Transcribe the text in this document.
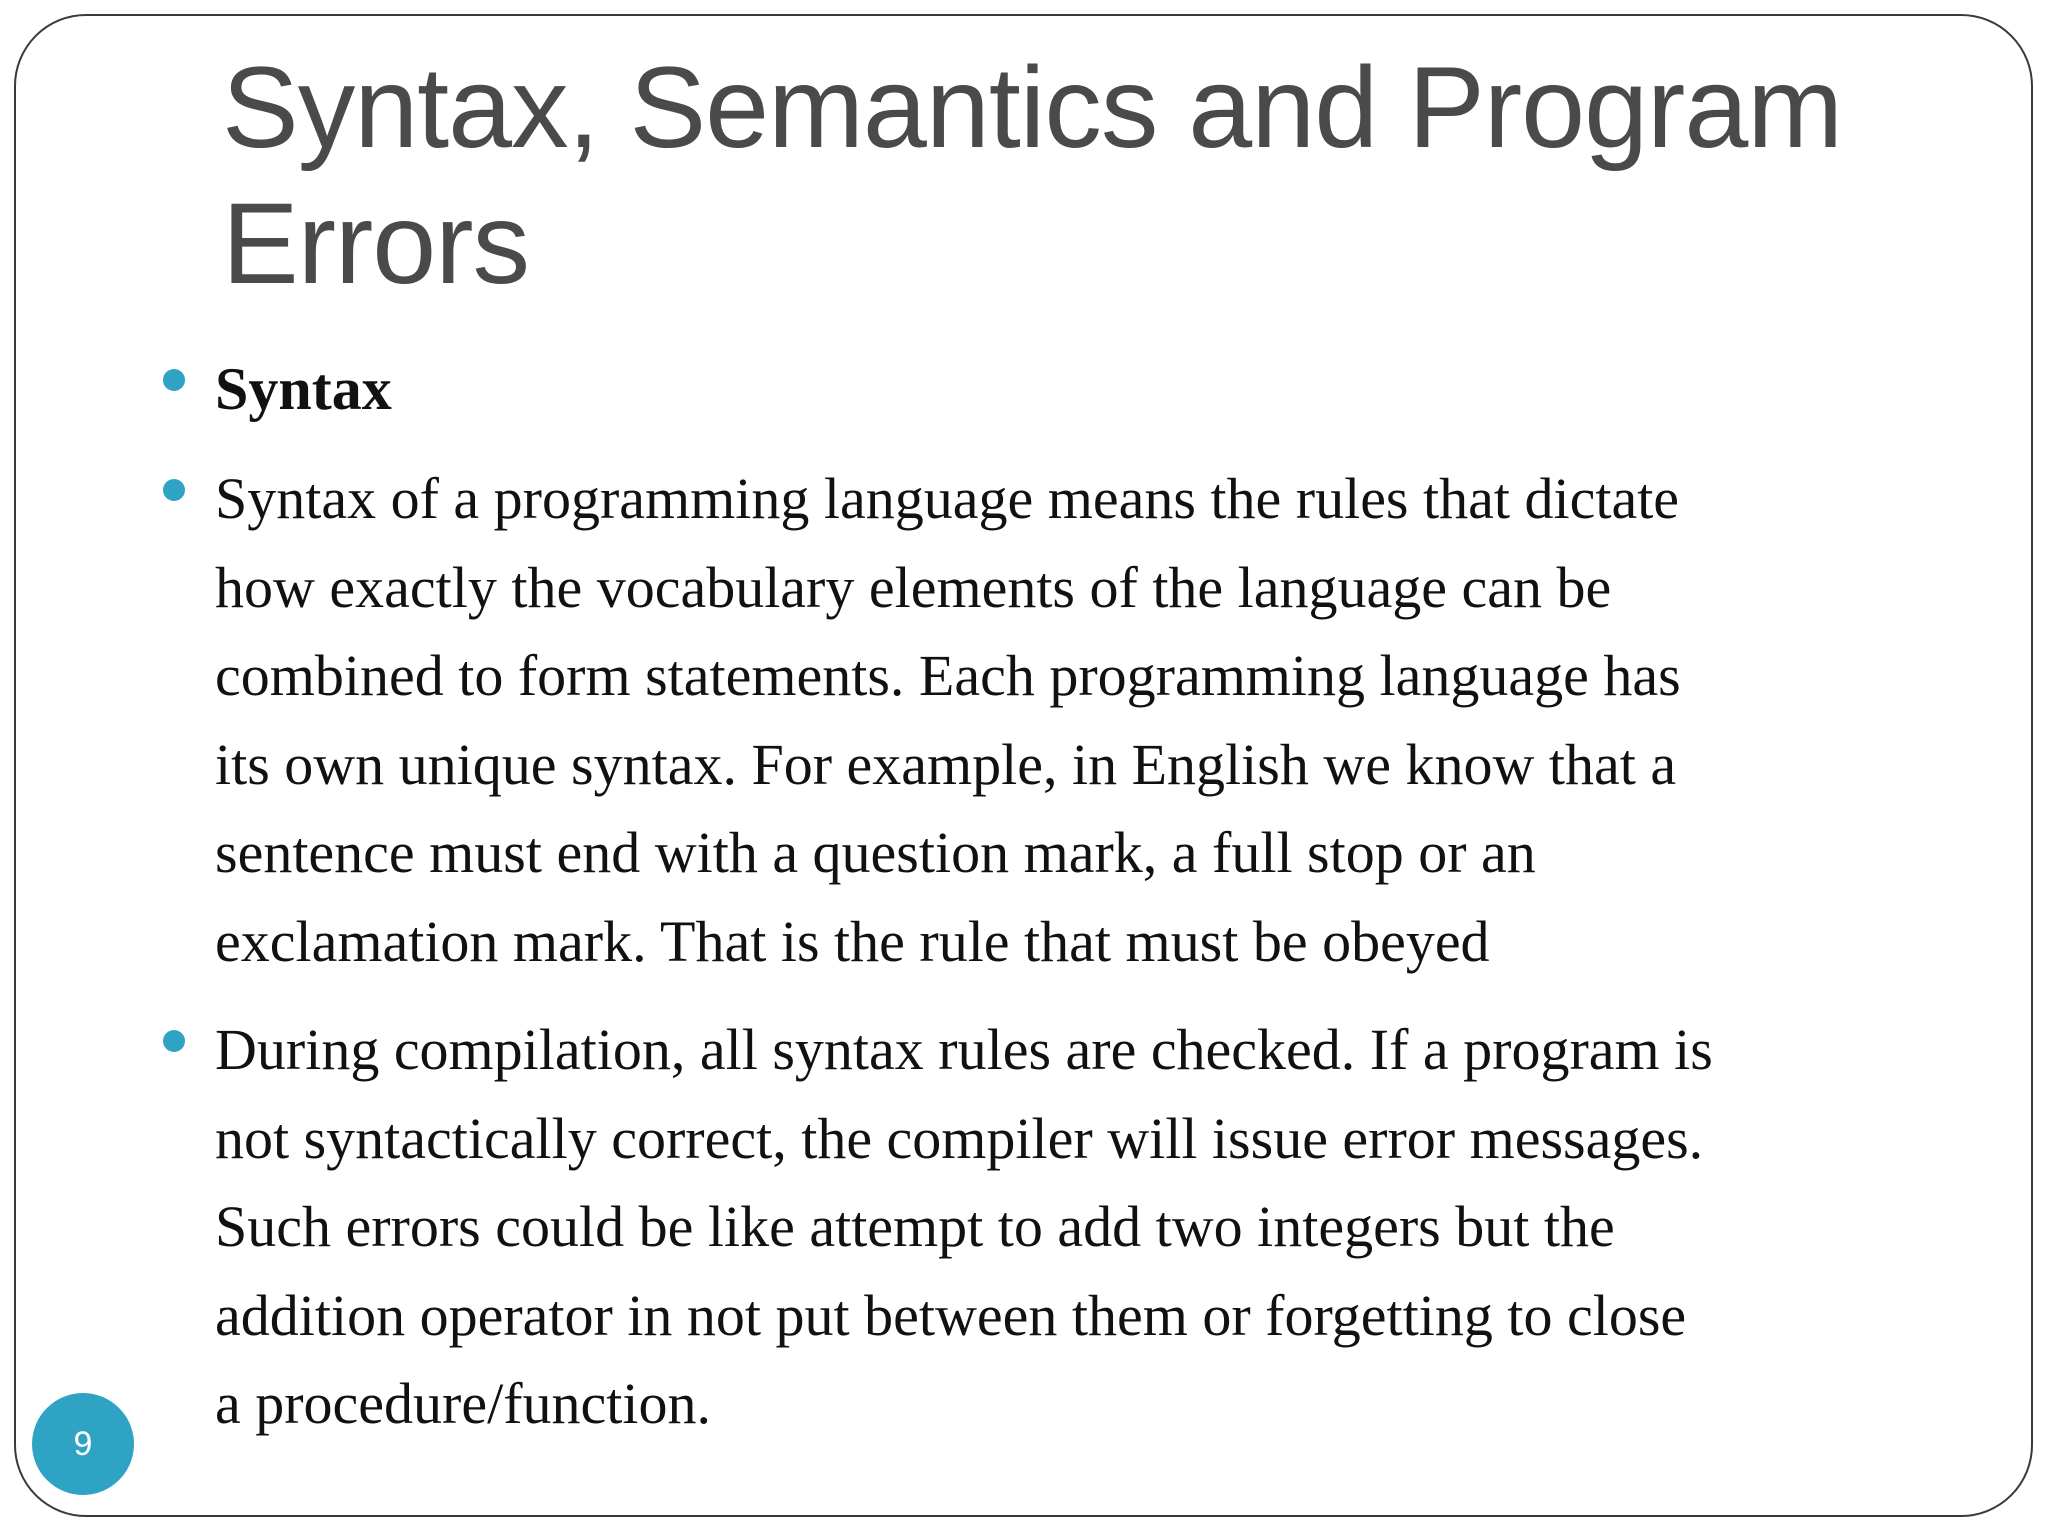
Syntax, Semantics and Program
Errors
Syntax
Syntax of a programming language means the rules that dictate
how exactly the vocabulary elements of the language can be
combined to form statements. Each programming language has
its own unique syntax. For example, in English we know that a
sentence must end with a question mark, a full stop or an
exclamation mark. That is the rule that must be obeyed
During compilation, all syntax rules are checked. If a program is
not syntactically correct, the compiler will issue error messages.
Such errors could be like attempt to add two integers but the
addition operator in not put between them or forgetting to close
a procedure/function.
9
